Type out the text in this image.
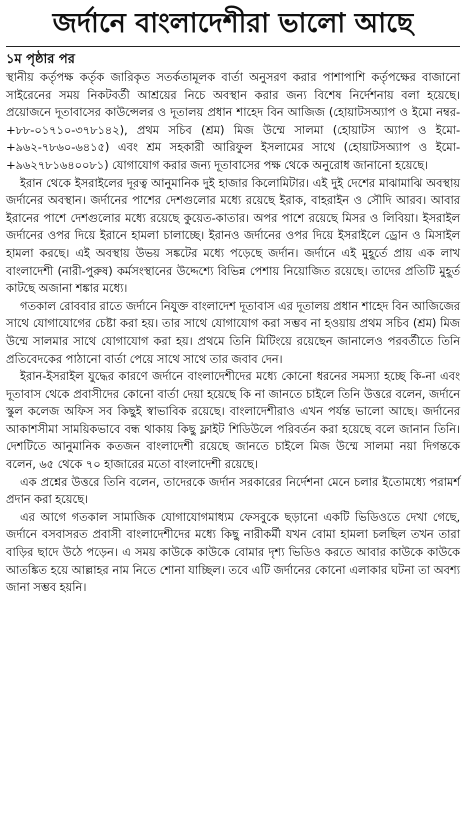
জর্দানে বাংলাদেশীরা ভালো আছে
১ম পৃষ্ঠার পর

স্থানীয় কর্তৃপক্ষ কর্তৃক জারিকৃত সতর্কতামূলক বার্তা অনুসরণ করার পাশাপাশি কর্তৃপক্ষের বাজানো সাইরেনের সময় নিকটবর্তী আশ্রয়ের নিচে অবস্থান করার জন্য বিশেষ নির্দেশনায় বলা হয়েছে। প্রয়োজনে দূতাবাসের কাউন্সেলর ও দূতালয় প্রধান শাহেদ বিন আজিজ (হোয়াটসঅ্যাপ ও ইমো নম্বর-+৮৮-০১৭১০-৩৭৮১৪২), প্রথম সচিব (শ্রম) মিজ উম্মে সালমা (হোয়াটস অ্যাপ ও ইমো-+৯৬২-৭৮৬০-৬৪১৫) এবং শ্রম সহকারী আরিফুল ইসলামের সাথে (হোয়াটসঅ্যাপ ও ইমো-+৯৬২৭৮১৬৪০০৮১) যোগাযোগ করার জন্য দূতাবাসের পক্ষ থেকে অনুরোধ জানানো হয়েছে।

ইরান থেকে ইসরাইলের দূরত্ব আনুমানিক দুই হাজার কিলোমিটার। এই দুই দেশের মাঝামাঝি অবস্থায় জর্দানের অবস্থান। জর্দানের পাশের দেশগুলোর মধ্যে রয়েছে ইরাক, বাহরাইন ও সৌদি আরব। আবার ইরানের পাশে দেশগুলোর মধ্যে রয়েছে কুয়েত-কাতার। অপর পাশে রয়েছে মিসর ও লিবিয়া। ইসরাইল জর্দানের ওপর দিয়ে ইরানে হামলা চালাচ্ছে। ইরানও জর্দানের ওপর দিয়ে ইসরাইলে ড্রোন ও মিসাইল হামলা করছে। এই অবস্থায় উভয় সঙ্কটের মধ্যে পড়েছে জর্দান। জর্দানে এই মুহূর্তে প্রায় এক লাখ বাংলাদেশী (নারী-পুরুষ) কর্মসংস্থানের উদ্দেশ্যে বিভিন্ন পেশায় নিয়োজিত রয়েছে। তাদের প্রতিটি মুহূর্ত কাটছে অজানা শঙ্কার মধ্যে।

গতকাল রোববার রাতে জর্দানে নিযুক্ত বাংলাদেশ দূতাবাস এর দূতালয় প্রধান শাহেদ বিন আজিজের সাথে যোগাযোগের চেষ্টা করা হয়। তার সাথে যোগাযোগ করা সম্ভব না হওয়ায় প্রথম সচিব (শ্রম) মিজ উম্মে সালমার সাথে যোগাযোগ করা হয়। প্রথমে তিনি মিটিংয়ে রয়েছেন জানালেও পরবর্তীতে তিনি প্রতিবেদকের পাঠানো বার্তা পেয়ে সাথে সাথে তার জবাব দেন।

ইরান-ইসরাইল যুদ্ধের কারণে জর্দানে বাংলাদেশীদের মধ্যে কোনো ধরনের সমস্যা হচ্ছে কি-না এবং দূতাবাস থেকে প্রবাসীদের কোনো বার্তা দেয়া হয়েছে কি না জানতে চাইলে তিনি উত্তরে বলেন, জর্দানে স্কুল কলেজ অফিস সব কিছুই স্বাভাবিক রয়েছে। বাংলাদেশীরাও এখন পর্যন্ত ভালো আছে। জর্দানের আকাশসীমা সাময়িকভাবে বন্ধ থাকায় কিছু ফ্লাইট শিডিউলে পরিবর্তন করা হয়েছে বলে জানান তিনি। দেশটিতে আনুমানিক কতজন বাংলাদেশী রয়েছে জানতে চাইলে মিজ উম্মে সালমা নয়া দিগন্তকে বলেন, ৬৫ থেকে ৭০ হাজারের মতো বাংলাদেশী রয়েছে।

এক প্রশ্নের উত্তরে তিনি বলেন, তাদেরকে জর্দান সরকারের নির্দেশনা মেনে চলার ইতোমধ্যে পরামর্শ প্রদান করা হয়েছে।

এর আগে গতকাল সামাজিক যোগাযোগমাধ্যম ফেসবুকে ছড়ানো একটি ভিডিওতে দেখা গেছে, জর্দানে বসবাসরত প্রবাসী বাংলাদেশীদের মধ্যে কিছু নারীকর্মী যখন বোমা হামলা চলছিল তখন তারা বাড়ির ছাদে উঠে পড়েন। এ সময় কাউকে কাউকে বোমার দৃশ্য ভিডিও করতে আবার কাউকে কাউকে আতঙ্কিত হয়ে আল্লাহর নাম নিতে শোনা যাচ্ছিল। তবে এটি জর্দানের কোনো এলাকার ঘটনা তা অবশ্য জানা সম্ভব হয়নি।
